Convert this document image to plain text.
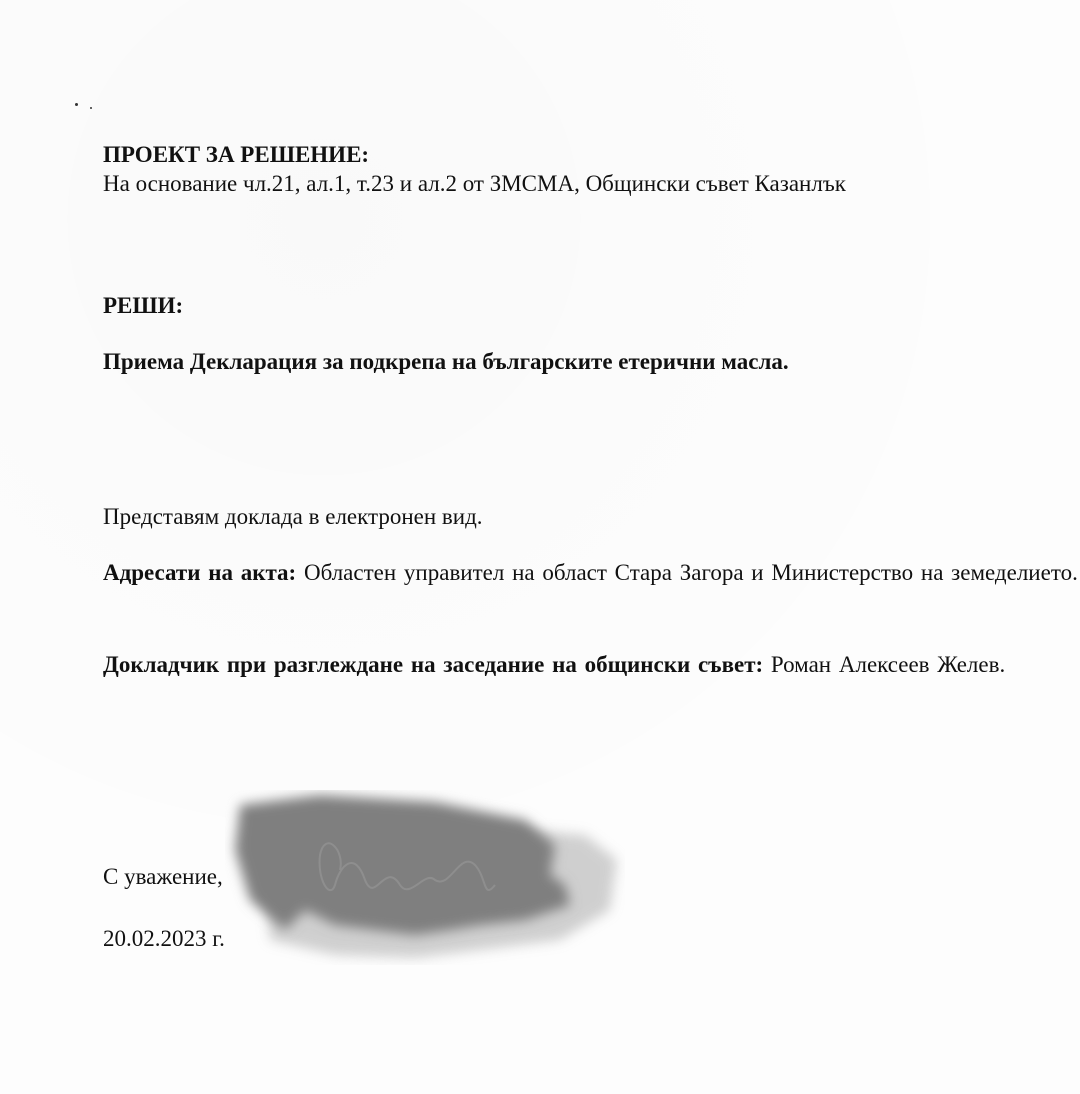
ПРОЕКТ ЗА РЕШЕНИЕ:
На основание чл.21, ал.1, т.23 и ал.2 от ЗМСМА, Общински съвет Казанлък
РЕШИ:
Приема Декларация за подкрепа на българските етерични масла.
Представям доклада в електронен вид.
Адресати на акта: Областен управител на област Стара Загора и Министерство на земеделието.
Докладчик при разглеждане на заседание на общински съвет: Роман Алексеев Желев.
С уважение,
20.02.2023 г.
